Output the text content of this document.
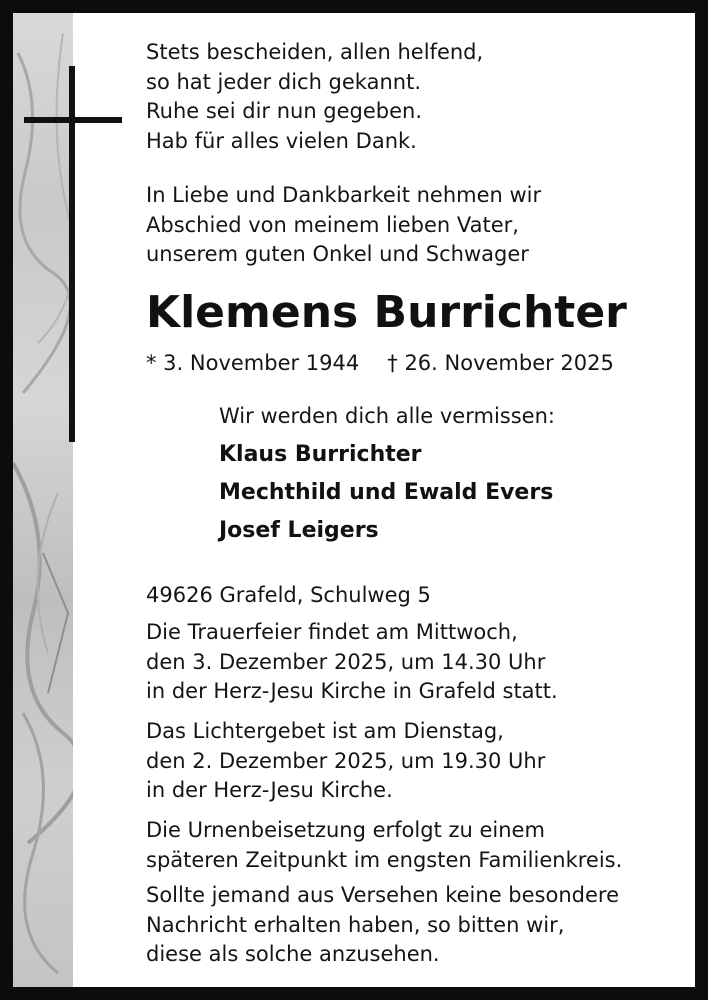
Stets bescheiden, allen helfend,
so hat jeder dich gekannt.
Ruhe sei dir nun gegeben.
Hab für alles vielen Dank.

In Liebe und Dankbarkeit nehmen wir
Abschied von meinem lieben Vater,
unserem guten Onkel und Schwager

Klemens Burrichter

* 3. November 1944 † 26. November 2025

Wir werden dich alle vermissen:

Klaus Burrichter

Mechthild und Ewald Evers

Josef Leigers

49626 Grafeld, Schulweg 5

Die Trauerfeier findet am Mittwoch,
den 3. Dezember 2025, um 14.30 Uhr
in der Herz-Jesu Kirche in Grafeld statt.

Das Lichtergebet ist am Dienstag,
den 2. Dezember 2025, um 19.30 Uhr
in der Herz-Jesu Kirche.

Die Urnenbeisetzung erfolgt zu einem
späteren Zeitpunkt im engsten Familienkreis.

Sollte jemand aus Versehen keine besondere
Nachricht erhalten haben, so bitten wir,
diese als solche anzusehen.
